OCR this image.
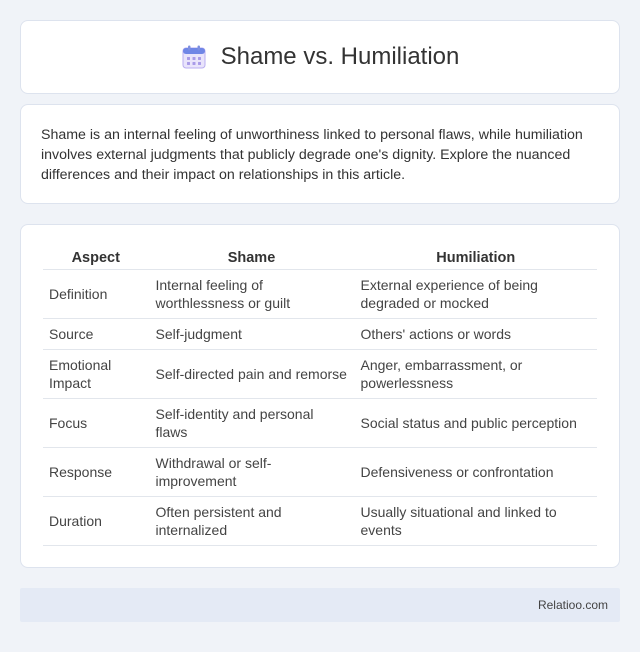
Shame vs. Humiliation

Shame is an internal feeling of unworthiness linked to personal flaws, while humiliation involves external judgments that publicly degrade one's dignity. Explore the nuanced differences and their impact on relationships in this article.

Aspect	Shame	Humiliation
Definition	Internal feeling of worthlessness or guilt	External experience of being degraded or mocked
Source	Self-judgment	Others' actions or words
Emotional Impact	Self-directed pain and remorse	Anger, embarrassment, or powerlessness
Focus	Self-identity and personal flaws	Social status and public perception
Response	Withdrawal or self-improvement	Defensiveness or confrontation
Duration	Often persistent and internalized	Usually situational and linked to events
Relatioo.com
